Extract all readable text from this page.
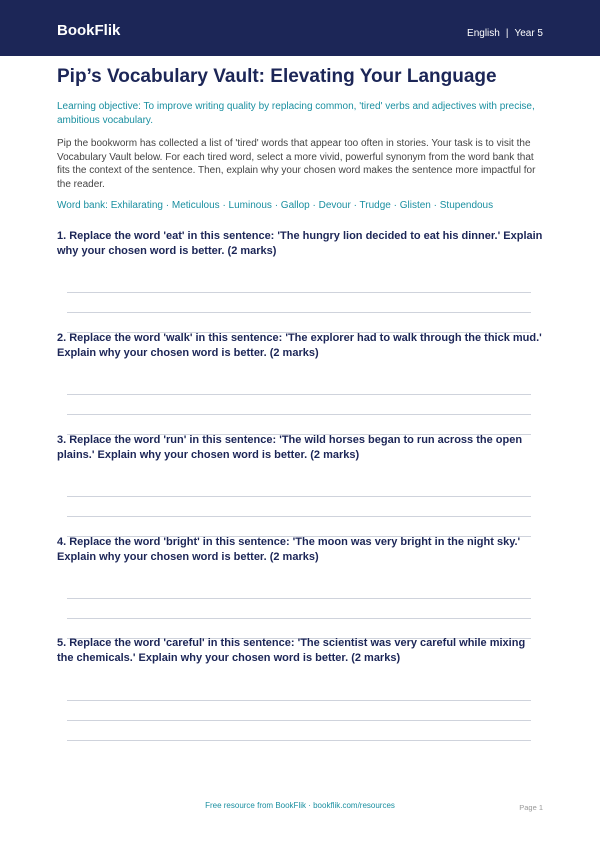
BookFlik	English | Year 5
Pip’s Vocabulary Vault: Elevating Your Language
Learning objective: To improve writing quality by replacing common, 'tired' verbs and adjectives with precise, ambitious vocabulary.
Pip the bookworm has collected a list of 'tired' words that appear too often in stories. Your task is to visit the Vocabulary Vault below. For each tired word, select a more vivid, powerful synonym from the word bank that fits the context of the sentence. Then, explain why your chosen word makes the sentence more impactful for the reader.
Word bank: Exhilarating · Meticulous · Luminous · Gallop · Devour · Trudge · Glisten · Stupendous
1. Replace the word 'eat' in this sentence: 'The hungry lion decided to eat his dinner.' Explain why your chosen word is better. (2 marks)
2. Replace the word 'walk' in this sentence: 'The explorer had to walk through the thick mud.' Explain why your chosen word is better. (2 marks)
3. Replace the word 'run' in this sentence: 'The wild horses began to run across the open plains.' Explain why your chosen word is better. (2 marks)
4. Replace the word 'bright' in this sentence: 'The moon was very bright in the night sky.' Explain why your chosen word is better. (2 marks)
5. Replace the word 'careful' in this sentence: 'The scientist was very careful while mixing the chemicals.' Explain why your chosen word is better. (2 marks)
Free resource from BookFlik · bookflik.com/resources	Page 1
